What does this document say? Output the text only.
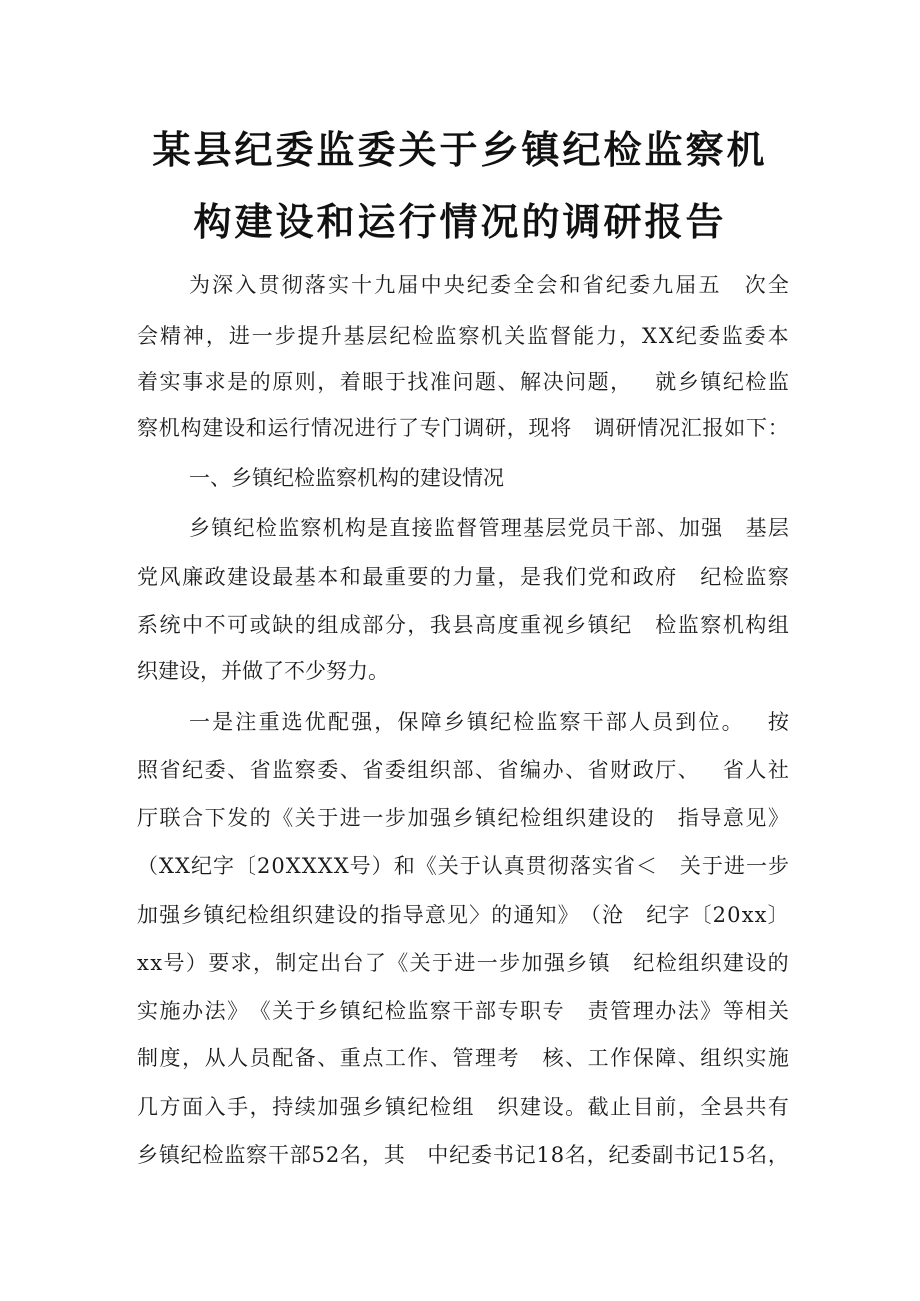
某县纪委监委关于乡镇纪检监察机
构建设和运行情况的调研报告
为 深 入 贯 彻 落 实 十 九 届 中 央 纪 委 全 会 和 省 纪 委 九 届 五
　 次 全
会 精 神 ， 进 一 步 提 升 基 层 纪 检 监 察 机 关 监 督 能 力 ， X X 纪 委 监 委 本
着 实 事 求 是 的 原 则 ， 着 眼 于 找 准 问 题 、 解 决 问 题 ，
　 就 乡 镇 纪 检 监
察 机 构 建 设 和 运 行 情 况 进 行 了 专 门 调 研 ， 现 将
　 调 研 情 况 汇 报 如 下 ：
一、乡镇纪检监察机构的建设情况
乡 镇 纪 检 监 察 机 构 是 直 接 监 督 管 理 基 层 党 员 干 部 、 加 强
　 基 层
党 风 廉 政 建 设 最 基 本 和 最 重 要 的 力 量 ， 是 我 们 党 和 政 府
　 纪 检 监 察
系 统 中 不 可 或 缺 的 组 成 部 分 ， 我 县 高 度 重 视 乡 镇 纪
　 检 监 察 机 构 组
织建设，并做了不少努力。
一 是 注 重 选 优 配 强 ， 保 障 乡 镇 纪 检 监 察 干 部 人 员 到 位 。
　 按
照 省 纪 委 、 省 监 察 委 、 省 委 组 织 部 、 省 编 办 、 省 财 政 厅 、
　 省 人 社
厅 联 合 下 发 的 《 关 于 进 一 步 加 强 乡 镇 纪 检 组 织 建 设 的
　 指 导 意 见 》
（ X X 纪 字 〔 2 0 X X X X 号 ） 和 《 关 于 认 真 贯 彻 落 实 省 ＜
　 关 于 进 一 步
加 强 乡 镇 纪 检 组 织 建 设 的 指 导 意 见 〉 的 通 知 》 （ 沧
　 纪 字 〔 2 0 x x 〕
x x 号 ） 要 求 ， 制 定 出 台 了 《 关 于 进 一 步 加 强 乡 镇
　 纪 检 组 织 建 设 的
实 施 办 法 》 《 关 于 乡 镇 纪 检 监 察 干 部 专 职 专
　 责 管 理 办 法 》 等 相 关
制 度 ， 从 人 员 配 备 、 重 点 工 作 、 管 理 考
　 核 、 工 作 保 障 、 组 织 实 施
几 方 面 入 手 ， 持 续 加 强 乡 镇 纪 检 组
　 织 建 设 。 截 止 目 前 ， 全 县 共 有
乡 镇 纪 检 监 察 干 部 5 2 名 ， 其
　 中 纪 委 书 记 1 8 名 ， 纪 委 副 书 记 1 5 名 ，
